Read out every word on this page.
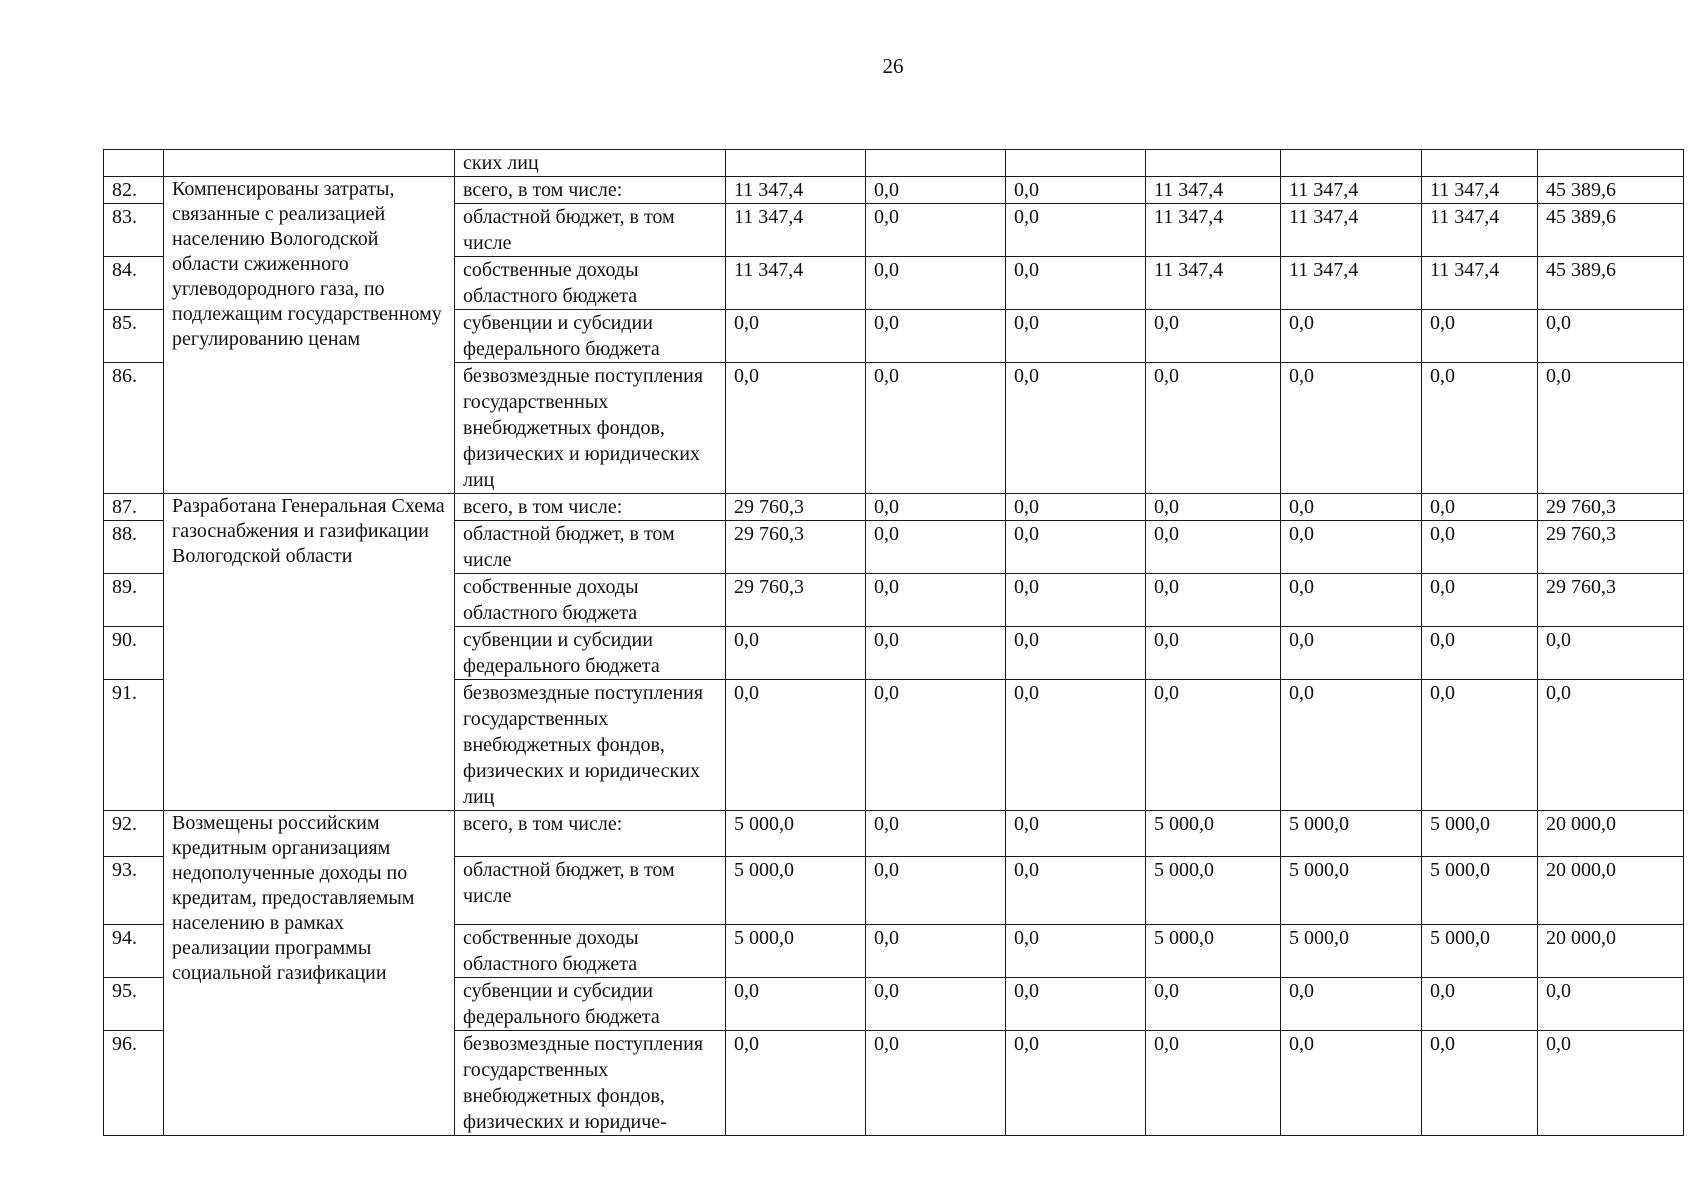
26
		ских лиц							
82.	Компенсированы затраты, связанные с реализацией населению Вологодской области сжиженного углеводородного газа, по подлежащим государственному регулированию ценам	всего, в том числе:	11 347,4	0,0	0,0	11 347,4	11 347,4	11 347,4	45 389,6
83.		областной бюджет, в том числе	11 347,4	0,0	0,0	11 347,4	11 347,4	11 347,4	45 389,6
84.		собственные доходы областного бюджета	11 347,4	0,0	0,0	11 347,4	11 347,4	11 347,4	45 389,6
85.		субвенции и субсидии федерального бюджета	0,0	0,0	0,0	0,0	0,0	0,0	0,0
86.		безвозмездные поступления государственных внебюджетных фондов, физических и юридических лиц	0,0	0,0	0,0	0,0	0,0	0,0	0,0
87.	Разработана Генеральная Схема газоснабжения и газификации Вологодской области	всего, в том числе:	29 760,3	0,0	0,0	0,0	0,0	0,0	29 760,3
88.		областной бюджет, в том числе	29 760,3	0,0	0,0	0,0	0,0	0,0	29 760,3
89.		собственные доходы областного бюджета	29 760,3	0,0	0,0	0,0	0,0	0,0	29 760,3
90.		субвенции и субсидии федерального бюджета	0,0	0,0	0,0	0,0	0,0	0,0	0,0
91.		безвозмездные поступления государственных внебюджетных фондов, физических и юридических лиц	0,0	0,0	0,0	0,0	0,0	0,0	0,0
92.	Возмещены российским кредитным организациям недополученные доходы по кредитам, предоставляемым населению в рамках реализации программы социальной газификации	всего, в том числе:	5 000,0	0,0	0,0	5 000,0	5 000,0	5 000,0	20 000,0
93.		областной бюджет, в том числе	5 000,0	0,0	0,0	5 000,0	5 000,0	5 000,0	20 000,0
94.		собственные доходы областного бюджета	5 000,0	0,0	0,0	5 000,0	5 000,0	5 000,0	20 000,0
95.		субвенции и субсидии федерального бюджета	0,0	0,0	0,0	0,0	0,0	0,0	0,0
96.		безвозмездные поступления государственных внебюджетных фондов, физических и юридиче-	0,0	0,0	0,0	0,0	0,0	0,0	0,0
